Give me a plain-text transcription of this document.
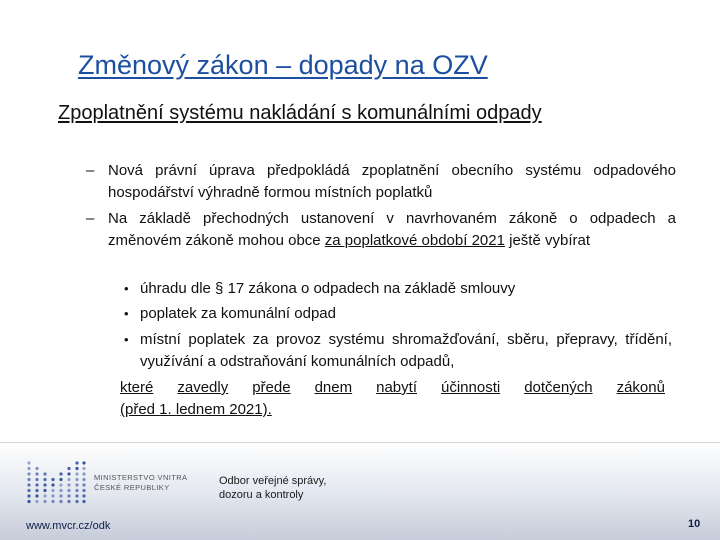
Změnový zákon – dopady na OZV
Zpoplatnění systému nakládání s komunálními odpady
– Nová právní úprava předpokládá zpoplatnění obecního systému odpadového hospodářství výhradně formou místních poplatků
– Na základě přechodných ustanovení v navrhovaném zákoně o odpadech a změnovém zákoně mohou obce za poplatkové období 2021 ještě vybírat
• úhradu dle § 17 zákona o odpadech na základě smlouvy
• poplatek za komunální odpad
• místní poplatek za provoz systému shromažďování, sběru, přepravy, třídění, využívání a odstraňování komunálních odpadů,
které zavedly přede dnem nabytí účinnosti dotčených zákonů
(před 1. lednem 2021).
MINISTERSTVO VNITRA
ČESKÉ REPUBLIKY
Odbor veřejné správy,
dozoru a kontroly
www.mvcr.cz/odk	10
